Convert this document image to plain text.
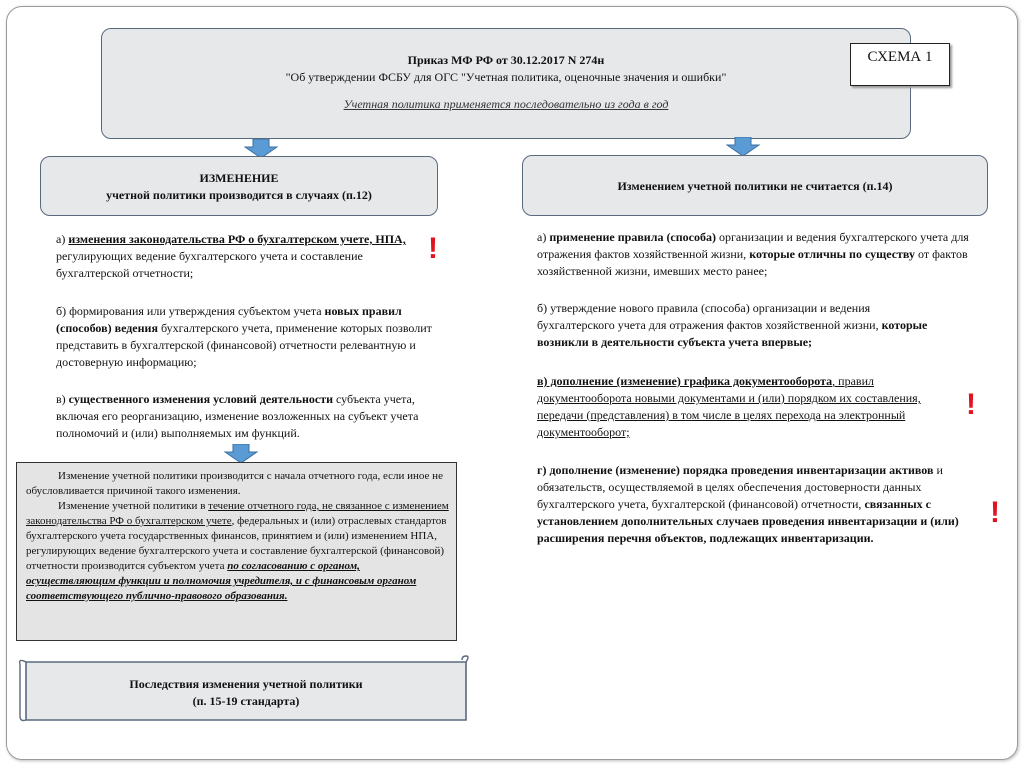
Приказ МФ РФ от 30.12.2017 N 274н
"Об утверждении ФСБУ для ОГС "Учетная политика, оценочные значения и ошибки"
Учетная политика применяется последовательно из года в год
СХЕМА 1
ИЗМЕНЕНИЕ
учетной политики производится в случаях (п.12)
Изменением учетной политики не считается (п.14)
а) изменения законодательства РФ о бухгалтерском учете, НПА, регулирующих ведение бухгалтерского учета и составление бухгалтерской отчетности;
б) формирования или утверждения субъектом учета новых правил (способов) ведения бухгалтерского учета, применение которых позволит представить в бухгалтерской (финансовой) отчетности релевантную и достоверную информацию;
в) существенного изменения условий деятельности субъекта учета, включая его реорганизацию, изменение возложенных на субъект учета полномочий и (или) выполняемых им функций.
!
Изменение учетной политики производится с начала отчетного года, если иное не обусловливается причиной такого изменения.
Изменение учетной политики в течение отчетного года, не связанное с изменением законодательства РФ о бухгалтерском учете, федеральных и (или) отраслевых стандартов бухгалтерского учета государственных финансов, принятием и (или) изменением НПА, регулирующих ведение бухгалтерского учета и составление бухгалтерской (финансовой) отчетности производится субъектом учета по согласованию с органом, осуществляющим функции и полномочия учредителя, и с финансовым органом соответствующего публично-правового образования.
Последствия изменения учетной политики
(п. 15-19 стандарта)
а) применение правила (способа) организации и ведения бухгалтерского учета для отражения фактов хозяйственной жизни, которые отличны по существу от фактов хозяйственной жизни, имевших место ранее;
б) утверждение нового правила (способа) организации и ведения бухгалтерского учета для отражения фактов хозяйственной жизни, которые возникли в деятельности субъекта учета впервые;
в) дополнение (изменение) графика документооборота, правил документооборота новыми документами и (или) порядком их составления, передачи (представления) в том числе в целях перехода на электронный документооборот;
г) дополнение (изменение) порядка проведения инвентаризации активов и обязательств, осуществляемой в целях обеспечения достоверности данных бухгалтерского учета, бухгалтерской (финансовой) отчетности, связанных с установлением дополнительных случаев проведения инвентаризации и (или) расширения перечня объектов, подлежащих инвентаризации.
!
!
